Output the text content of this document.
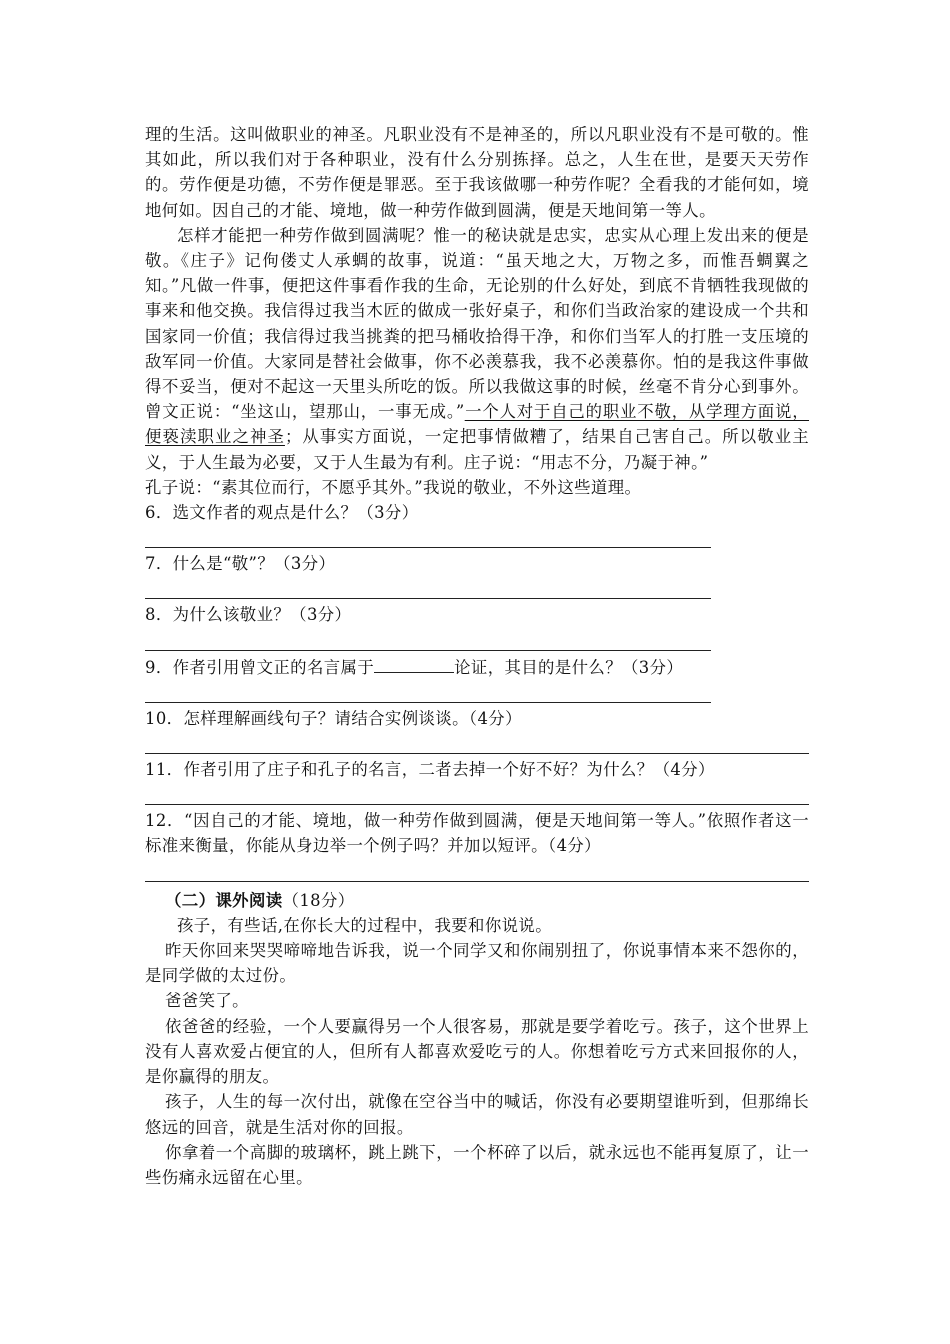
理的生活。这叫做职业的神圣。凡职业没有不是神圣的，所以凡职业没有不是可敬的。惟其如此，所以我们对于各种职业，没有什么分别拣择。总之，人生在世，是要天天劳作的。劳作便是功德，不劳作便是罪恶。至于我该做哪一种劳作呢？全看我的才能何如，境地何如。因自己的才能、境地，做一种劳作做到圆满，便是天地间第一等人。

怎样才能把一种劳作做到圆满呢？惟一的秘诀就是忠实，忠实从心理上发出来的便是敬。《庄子》记佝偻丈人承蜩的故事，说道：“虽天地之大，万物之多，而惟吾蜩翼之知。”凡做一件事，便把这件事看作我的生命，无论别的什么好处，到底不肯牺牲我现做的事来和他交换。我信得过我当木匠的做成一张好桌子，和你们当政治家的建设成一个共和国家同一价值；我信得过我当挑粪的把马桶收拾得干净，和你们当军人的打胜一支压境的敌军同一价值。大家同是替社会做事，你不必羡慕我，我不必羡慕你。怕的是我这件事做得不妥当，便对不起这一天里头所吃的饭。所以我做这事的时候，丝毫不肯分心到事外。曾文正说：“坐这山，望那山，一事无成。”一个人对于自己的职业不敬，从学理方面说，便亵渎职业之神圣；从事实方面说，一定把事情做糟了，结果自己害自己。所以敬业主义，于人生最为必要，又于人生最为有利。庄子说：“用志不分，乃凝于神。”

孔子说：“素其位而行，不愿乎其外。”我说的敬业，不外这些道理。

6．选文作者的观点是什么？（3分）

7．什么是“敬”？（3分）

8．为什么该敬业？（3分）

9．作者引用曾文正的名言属于	论证，其目的是什么？（3分）

10．怎样理解画线句子？请结合实例谈谈。（4分）

11．作者引用了庄子和孔子的名言，二者去掉一个好不好？为什么？（4分）

12．“因自己的才能、境地，做一种劳作做到圆满，便是天地间第一等人。”依照作者这一标准来衡量，你能从身边举一个例子吗？并加以短评。（4分）

（二）课外阅读（18分）

孩子，有些话,在你长大的过程中，我要和你说说。

昨天你回来哭哭啼啼地告诉我，说一个同学又和你闹别扭了，你说事情本来不怨你的，是同学做的太过份。

爸爸笑了。

依爸爸的经验，一个人要赢得另一个人很客易，那就是要学着吃亏。孩子，这个世界上没有人喜欢爱占便宜的人，但所有人都喜欢爱吃亏的人。你想着吃亏方式来回报你的人，是你赢得的朋友。

孩子，人生的每一次付出，就像在空谷当中的喊话，你没有必要期望谁听到，但那绵长悠远的回音，就是生活对你的回报。

你拿着一个高脚的玻璃杯，跳上跳下，一个杯碎了以后，就永远也不能再复原了，让一些伤痛永远留在心里。
